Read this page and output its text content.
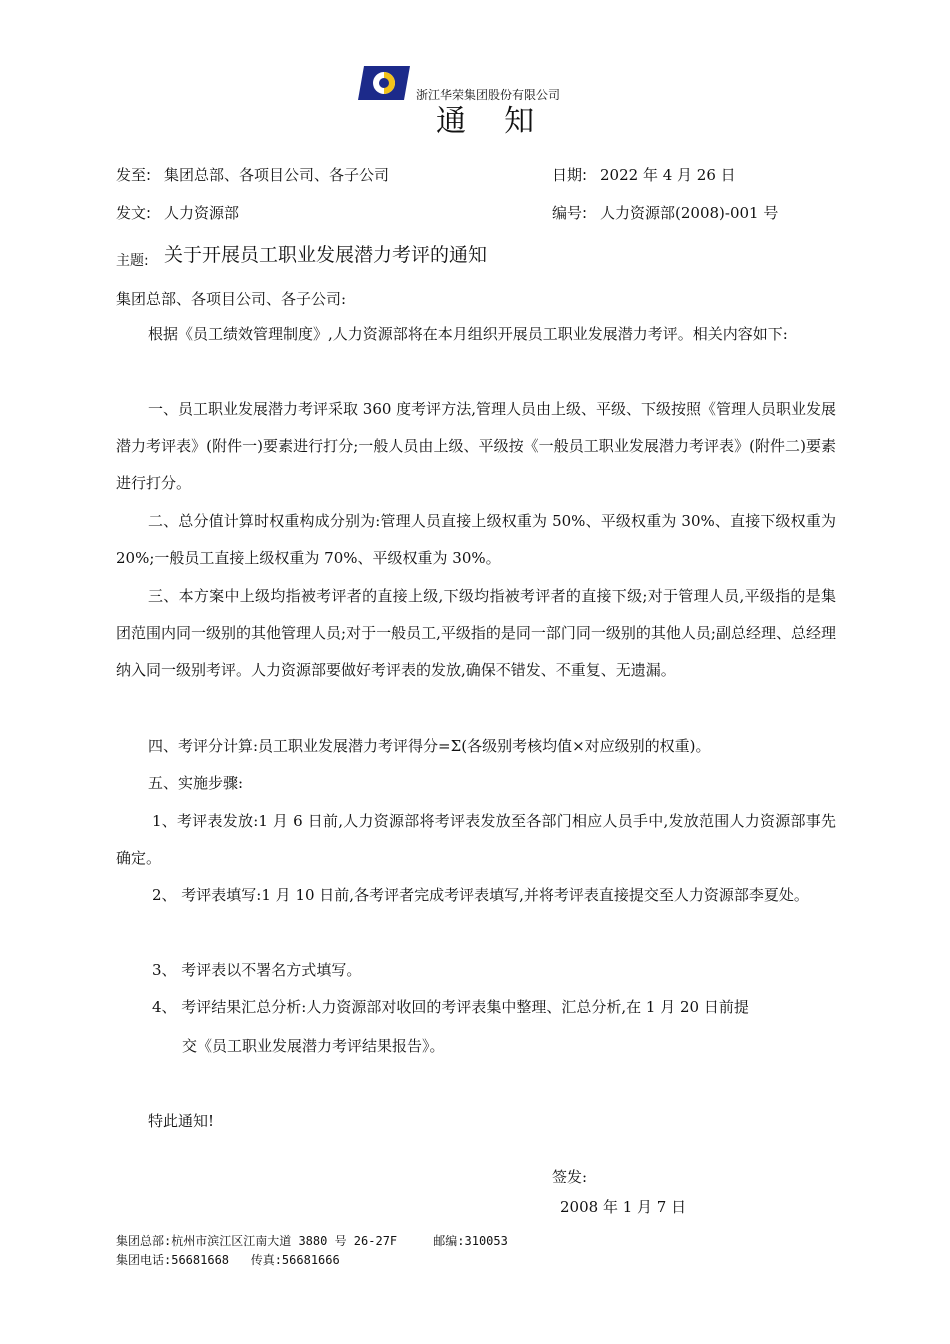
浙江华荣集团股份有限公司
通    知
发至: 集团总部、各项目公司、各子公司	日期: 2022 年 4 月 26 日
发文: 人力资源部	编号: 人力资源部(2008)-001 号
主题: 关于开展员工职业发展潜力考评的通知
集团总部、各项目公司、各子公司:
根据《员工绩效管理制度》,人力资源部将在本月组织开展员工职业发展潜力考评。相关内容如下:
一、员工职业发展潜力考评采取 360 度考评方法,管理人员由上级、平级、下级按照《管理人员职业发展潜力考评表》(附件一)要素进行打分;一般人员由上级、平级按《一般员工职业发展潜力考评表》(附件二)要素进行打分。
二、总分值计算时权重构成分别为:管理人员直接上级权重为 50%、平级权重为 30%、直接下级权重为 20%;一般员工直接上级权重为 70%、平级权重为 30%。
三、本方案中上级均指被考评者的直接上级,下级均指被考评者的直接下级;对于管理人员,平级指的是集团范围内同一级别的其他管理人员;对于一般员工,平级指的是同一部门同一级别的其他人员;副总经理、总经理纳入同一级别考评。人力资源部要做好考评表的发放,确保不错发、不重复、无遗漏。
四、考评分计算:员工职业发展潜力考评得分=Σ(各级别考核均值×对应级别的权重)。
五、实施步骤:
1、考评表发放:1 月 6 日前,人力资源部将考评表发放至各部门相应人员手中,发放范围人力资源部事先确定。
2、 考评表填写:1 月 10 日前,各考评者完成考评表填写,并将考评表直接提交至人力资源部李夏处。
3、 考评表以不署名方式填写。
4、 考评结果汇总分析:人力资源部对收回的考评表集中整理、汇总分析,在 1 月 20 日前提
交《员工职业发展潜力考评结果报告》。
特此通知!
签发:
2008 年 1 月 7 日
集团总部:杭州市滨江区江南大道 3880 号 26-27F     邮编:310053
集团电话:56681668   传真:56681666
